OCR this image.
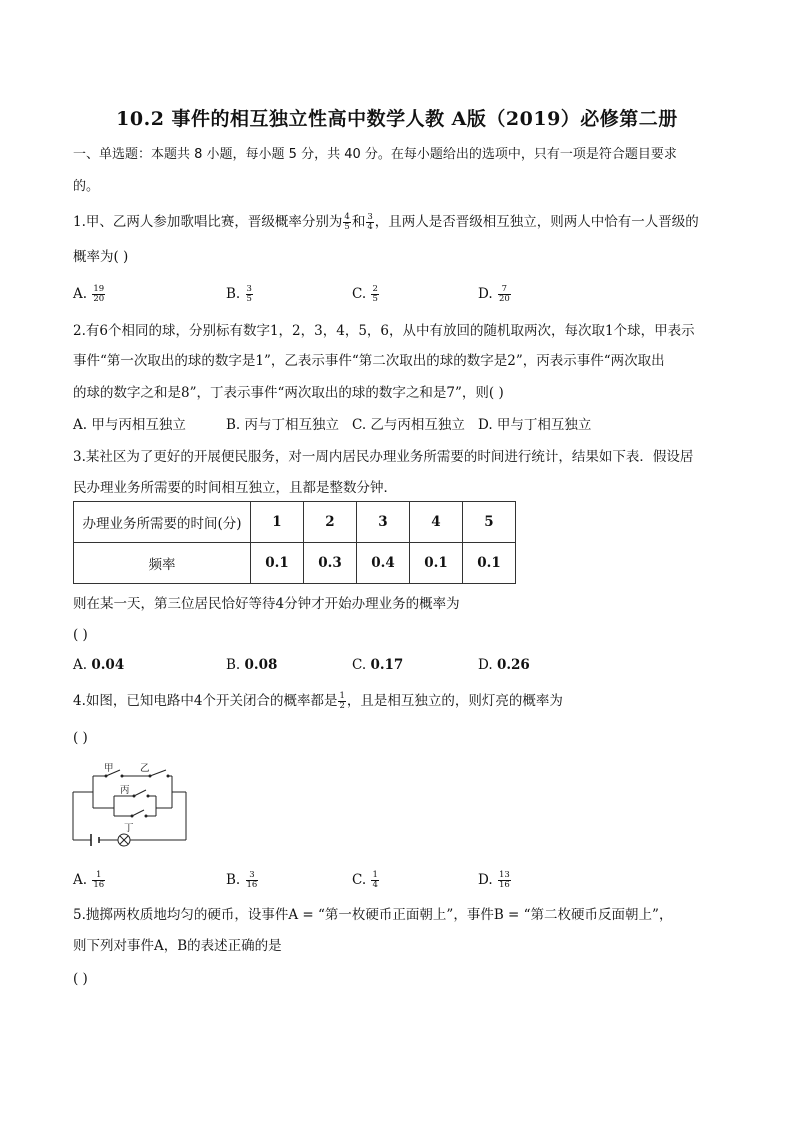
10.2 事件的相互独立性高中数学人教 A版（2019）必修第二册
一、单选题：本题共 8 小题，每小题 5 分，共 40 分。在每小题给出的选项中，只有一项是符合题目要求
的。
1.甲、乙两人参加歌唱比赛，晋级概率分别为 $\frac{4}{5}$ 和 $\frac{3}{4}$ ，且两人是否晋级相互独立，则两人中恰有一人晋级的
概率为( )
A. $\frac{19}{20}$	B. $\frac{3}{5}$	C. $\frac{2}{5}$	D. $\frac{7}{20}$
2.有6个相同的球，分别标有数字1，2，3，4，5，6，从中有放回的随机取两次，每次取1个球，甲表示
事件“第一次取出的球的数字是1”，乙表示事件“第二次取出的球的数字是2”，丙表示事件“两次取出
的球的数字之和是8”，丁表示事件“两次取出的球的数字之和是7”，则( )
A. 甲与丙相互独立	B. 丙与丁相互独立 C. 乙与丙相互独立 D. 甲与丁相互独立
3.某社区为了更好的开展便民服务，对一周内居民办理业务所需要的时间进行统计，结果如下表．假设居
民办理业务所需要的时间相互独立，且都是整数分钟．
办理业务所需要的时间(分)	1	2	3	4	5
频率	0.1	0.3	0.4	0.1	0.1
则在某一天，第三位居民恰好等待4分钟才开始办理业务的概率为
( )
A. 0.04	B. 0.08	C. 0.17	D. 0.26
4.如图，已知电路中4个开关闭合的概率都是 $\frac{1}{2}$ ，且是相互独立的，则灯亮的概率为
( )
甲	乙
丙
丁
A. $\frac{1}{16}$	B. $\frac{3}{16}$	C. $\frac{1}{4}$	D. $\frac{13}{16}$
5.抛掷两枚质地均匀的硬币，设事件A = “第一枚硬币正面朝上”，事件B = “第二枚硬币反面朝上”，
则下列对事件A，B的表述正确的是
( )
